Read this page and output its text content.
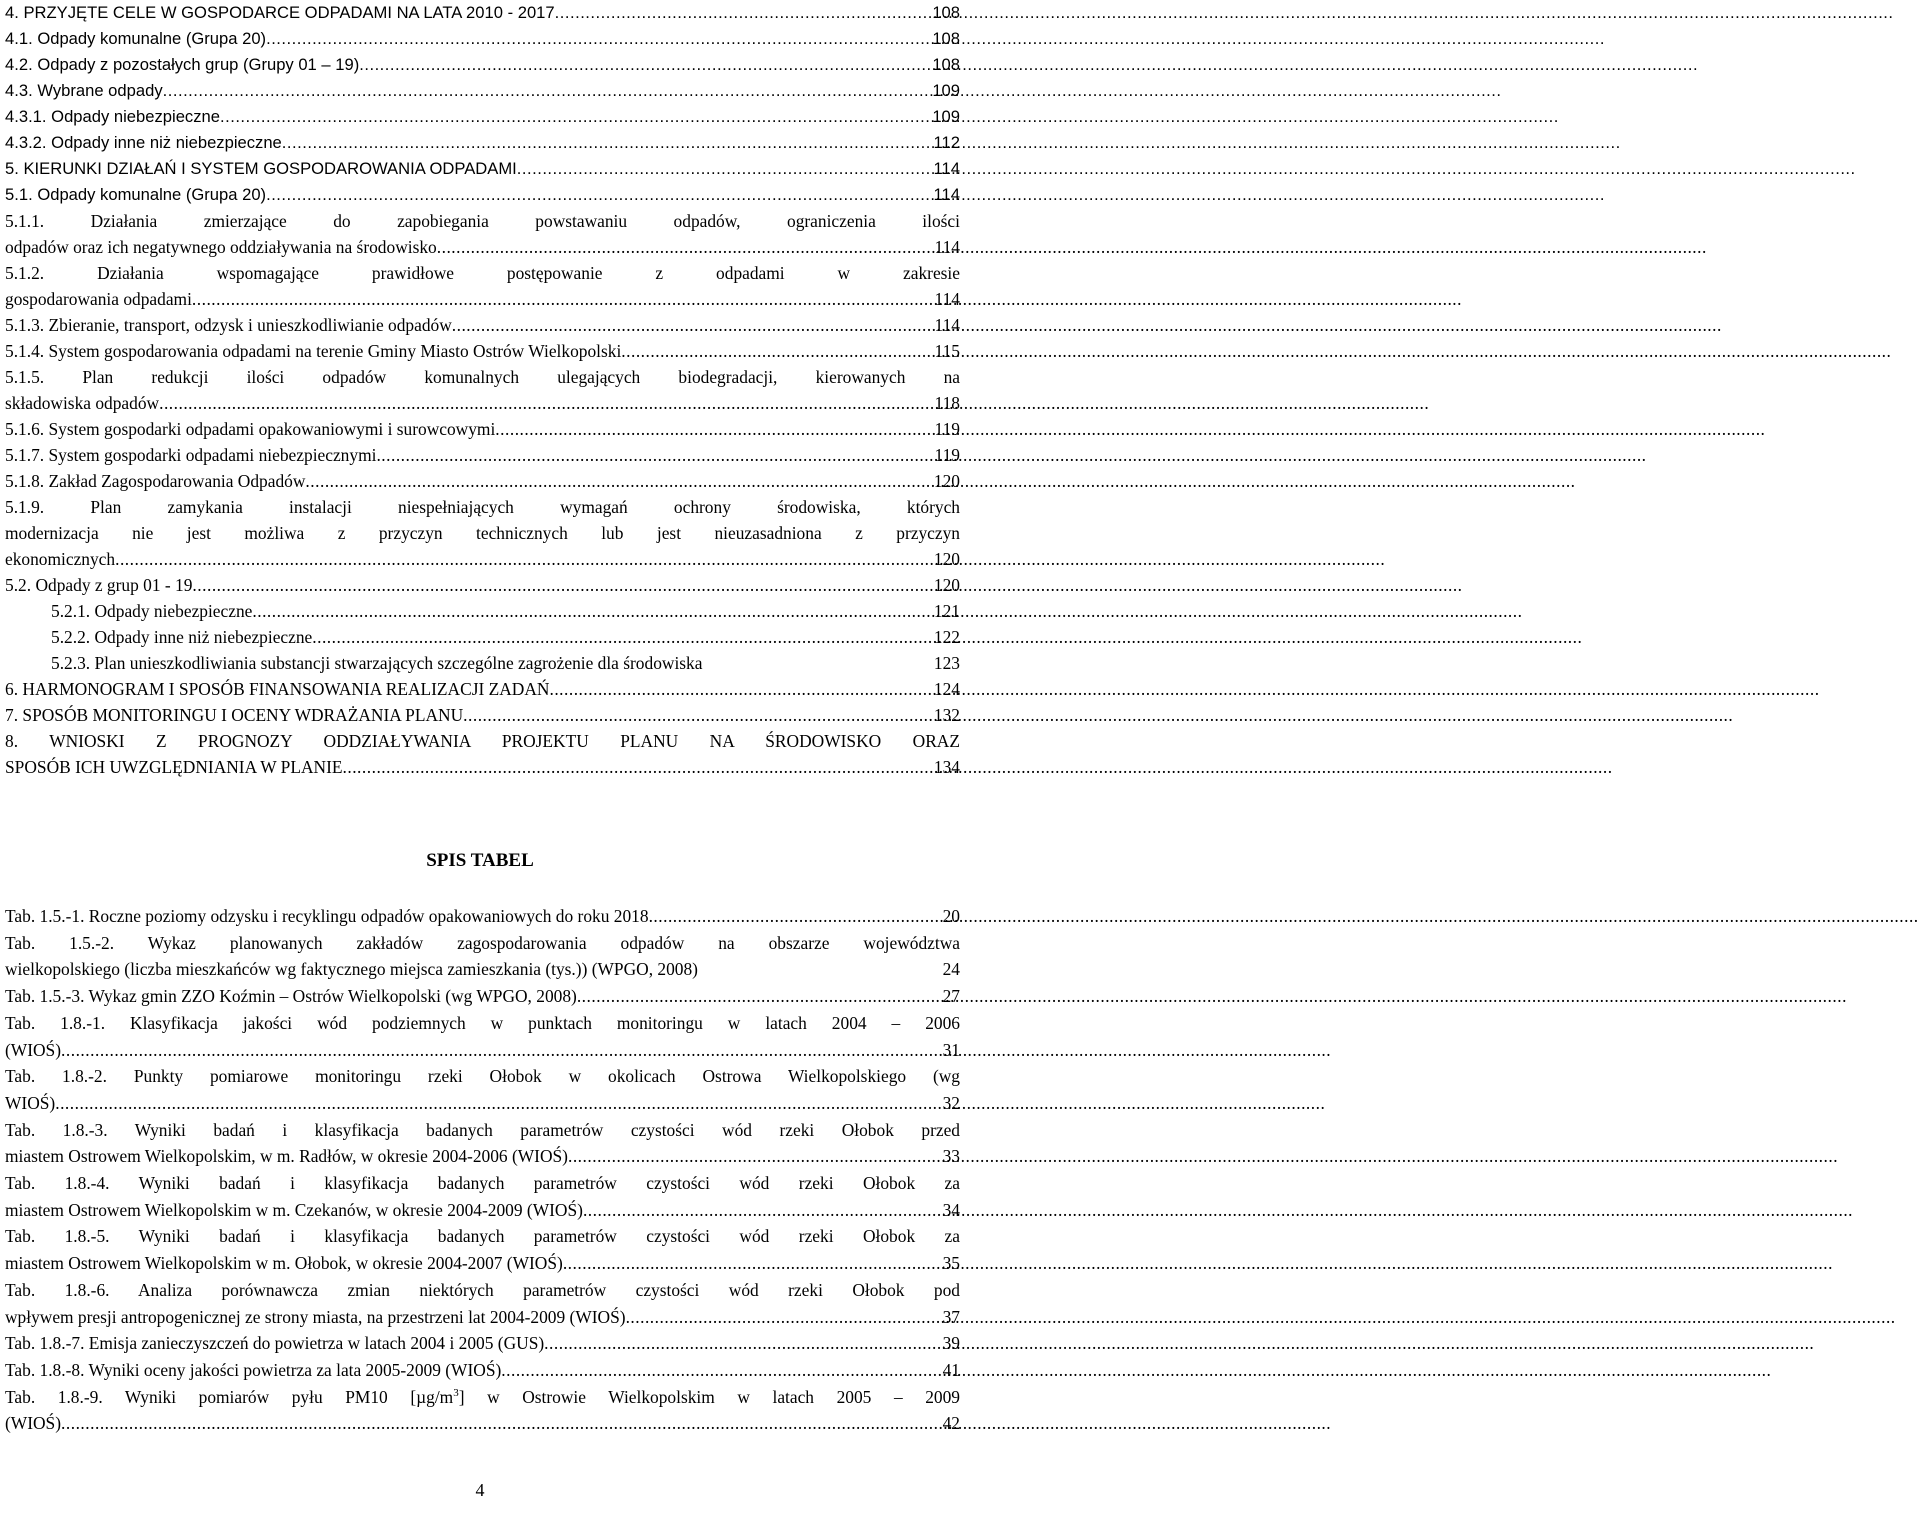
4. PRZYJĘTE CELE W GOSPODARCE ODPADAMI NA LATA 2010 - 2017 .....	108
4.1. Odpady komunalne (Grupa 20) .....	108
4.2. Odpady z pozostałych grup (Grupy 01 – 19) .....	108
4.3. Wybrane odpady .....	109
4.3.1. Odpady niebezpieczne .....	109
4.3.2. Odpady inne niż niebezpieczne .....	112
5. KIERUNKI DZIAŁAŃ I SYSTEM GOSPODAROWANIA ODPADAMI .....	114
5.1. Odpady komunalne (Grupa 20) .....	114
5.1.1.	Działania zmierzające do zapobiegania powstawaniu odpadów, ograniczenia ilości
odpadów oraz ich negatywnego oddziaływania na środowisko .....	114
5.1.2.	Działania wspomagające prawidłowe postępowanie z odpadami w zakresie
gospodarowania odpadami .....	114
5.1.3. Zbieranie, transport, odzysk i unieszkodliwianie odpadów .....	114
5.1.4. System gospodarowania odpadami na terenie Gminy Miasto Ostrów Wielkopolski .....	115
5.1.5. Plan redukcji ilości odpadów komunalnych ulegających biodegradacji, kierowanych na
składowiska odpadów .....	118
5.1.6. System gospodarki odpadami opakowaniowymi i surowcowymi .....	119
5.1.7. System gospodarki odpadami niebezpiecznymi .....	119
5.1.8. Zakład Zagospodarowania Odpadów .....	120
5.1.9.	Plan zamykania instalacji niespełniających wymagań ochrony środowiska, których
modernizacja nie jest możliwa z przyczyn technicznych lub jest nieuzasadniona z przyczyn
ekonomicznych .....	120
5.2. Odpady z grup 01 - 19 .....	120
5.2.1. Odpady niebezpieczne .....	121
5.2.2. Odpady inne niż niebezpieczne .....	122
5.2.3. Plan unieszkodliwiania substancji stwarzających szczególne zagrożenie dla środowiska	123
6. HARMONOGRAM I SPOSÓB FINANSOWANIA REALIZACJI ZADAŃ .....	124
7. SPOSÓB MONITORINGU I OCENY WDRAŻANIA PLANU .....	132
8. WNIOSKI Z PROGNOZY ODDZIAŁYWANIA PROJEKTU PLANU NA ŚRODOWISKO ORAZ
SPOSÓB ICH UWZGLĘDNIANIA W PLANIE .....	134
SPIS TABEL
Tab. 1.5.-1. Roczne poziomy odzysku i recyklingu odpadów opakowaniowych do roku 2018 .....	20
Tab. 1.5.-2. Wykaz planowanych zakładów zagospodarowania odpadów na obszarze województwa
wielkopolskiego (liczba mieszkańców wg faktycznego miejsca zamieszkania (tys.)) (WPGO, 2008)	24
Tab. 1.5.-3. Wykaz gmin ZZO Koźmin – Ostrów Wielkopolski (wg WPGO, 2008) .....	27
Tab. 1.8.-1. Klasyfikacja jakości wód podziemnych w punktach monitoringu w latach 2004 – 2006
(WIOŚ) .....	31
Tab. 1.8.-2. Punkty pomiarowe monitoringu rzeki Ołobok w okolicach Ostrowa Wielkopolskiego (wg
WIOŚ) .....	32
Tab. 1.8.-3. Wyniki badań i klasyfikacja badanych parametrów czystości wód rzeki Ołobok przed
miastem Ostrowem Wielkopolskim, w m. Radłów, w okresie 2004-2006 (WIOŚ) .....	33
Tab. 1.8.-4. Wyniki badań i klasyfikacja badanych parametrów czystości wód rzeki Ołobok za
miastem Ostrowem Wielkopolskim w m. Czekanów, w okresie 2004-2009 (WIOŚ) .....	34
Tab. 1.8.-5. Wyniki badań i klasyfikacja badanych parametrów czystości wód rzeki Ołobok za
miastem Ostrowem Wielkopolskim w m. Ołobok, w okresie 2004-2007 (WIOŚ) .....	35
Tab. 1.8.-6. Analiza porównawcza zmian niektórych parametrów czystości wód rzeki Ołobok pod
wpływem presji antropogenicznej ze strony miasta, na przestrzeni lat 2004-2009 (WIOŚ) .....	37
Tab. 1.8.-7. Emisja zanieczyszczeń do powietrza w latach 2004 i 2005 (GUS) .....	39
Tab. 1.8.-8. Wyniki oceny jakości powietrza za lata 2005-2009 (WIOŚ) .....	41
Tab. 1.8.-9. Wyniki pomiarów pyłu PM10 $[\mu g/m^3]$ w Ostrowie Wielkopolskim w latach 2005 – 2009
(WIOŚ) .....	42
4
